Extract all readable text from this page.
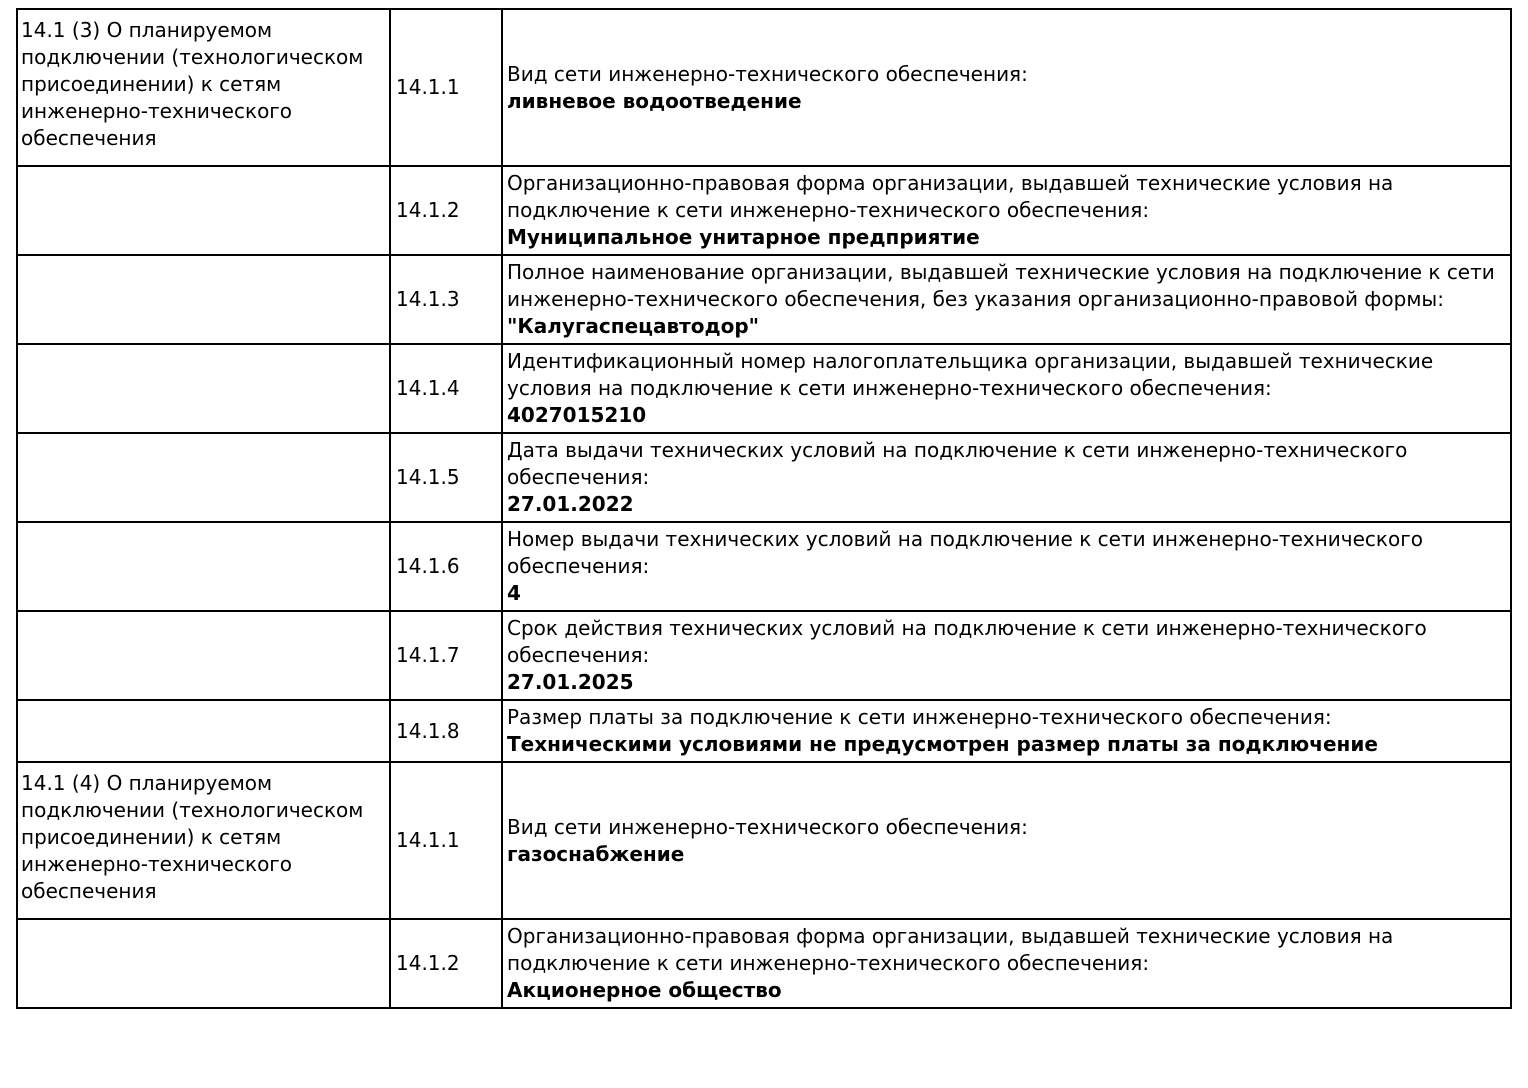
14.1 (3) О планируемом подключении (технологическом присоединении) к сетям инженерно-технического обеспечения	14.1.1	Вид сети инженерно-технического обеспечения:
ливневое водоотведение

	14.1.2	Организационно-правовая форма организации, выдавшей технические условия на подключение к сети инженерно-технического обеспечения:
Муниципальное унитарное предприятие

	14.1.3	Полное наименование организации, выдавшей технические условия на подключение к сети инженерно-технического обеспечения, без указания организационно-правовой формы:
"Калугаспецавтодор"

	14.1.4	Идентификационный номер налогоплательщика организации, выдавшей технические условия на подключение к сети инженерно-технического обеспечения:
4027015210

	14.1.5	Дата выдачи технических условий на подключение к сети инженерно-технического обеспечения:
27.01.2022

	14.1.6	Номер выдачи технических условий на подключение к сети инженерно-технического обеспечения:
4

	14.1.7	Срок действия технических условий на подключение к сети инженерно-технического обеспечения:
27.01.2025

	14.1.8	Размер платы за подключение к сети инженерно-технического обеспечения:
Техническими условиями не предусмотрен размер платы за подключение

14.1 (4) О планируемом подключении (технологическом присоединении) к сетям инженерно-технического обеспечения	14.1.1	Вид сети инженерно-технического обеспечения:
газоснабжение

	14.1.2	Организационно-правовая форма организации, выдавшей технические условия на подключение к сети инженерно-технического обеспечения:
Акционерное общество
